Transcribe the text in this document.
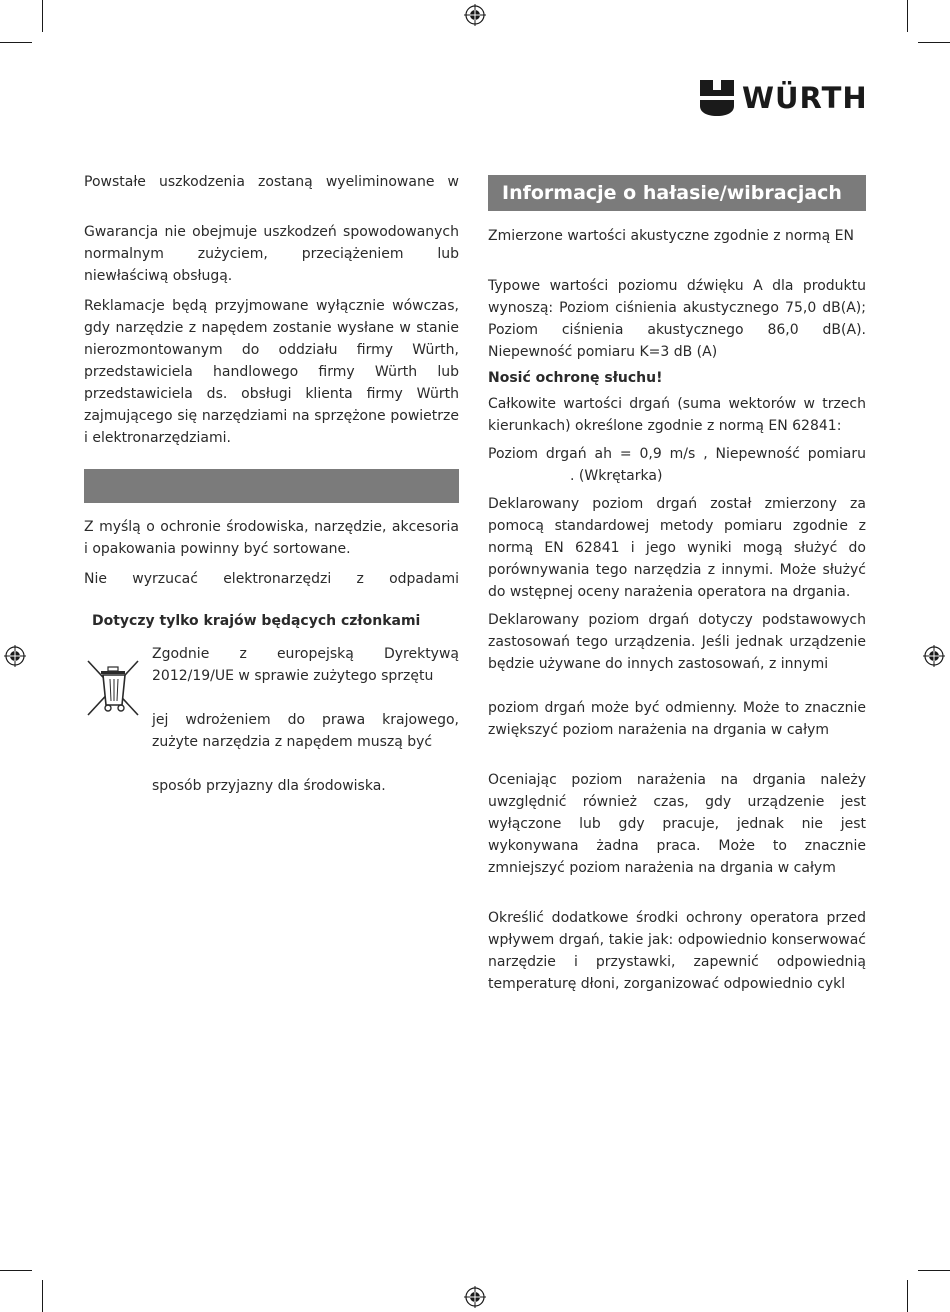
WÜRTH

Powstałe uszkodzenia zostaną wyeliminowane w

Gwarancja nie obejmuje uszkodzeń spowodowanych normalnym zużyciem, przeciążeniem lub niewłaściwą obsługą.

Reklamacje będą przyjmowane wyłącznie wówczas, gdy narzędzie z napędem zostanie wysłane w stanie nierozmontowanym do oddziału firmy Würth, przedstawiciela handlowego firmy Würth lub przedstawiciela ds. obsługi klienta firmy Würth zajmującego się narzędziami na sprzężone powietrze i elektronarzędziami.

Z myślą o ochronie środowiska, narzędzie, akcesoria i opakowania powinny być sortowane.

Nie wyrzucać elektronarzędzi z odpadami

Dotyczy tylko krajów będących członkami

Zgodnie z europejską Dyrektywą 2012/19/UE w sprawie zużytego sprzętu

jej wdrożeniem do prawa krajowego, zużyte narzędzia z napędem muszą być

sposób przyjazny dla środowiska.

Informacje o hałasie/wibracjach

Zmierzone wartości akustyczne zgodnie z normą EN

Typowe wartości poziomu dźwięku A dla produktu wynoszą: Poziom ciśnienia akustycznego 75,0 dB(A); Poziom ciśnienia akustycznego 86,0 dB(A). Niepewność pomiaru K=3 dB (A)

Nosić ochronę słuchu!

Całkowite wartości drgań (suma wektorów w trzech kierunkach) określone zgodnie z normą EN 62841:

Poziom drgań ah = 0,9 m/s , Niepewność pomiaru

. (Wkrętarka)

Deklarowany poziom drgań został zmierzony za pomocą standardowej metody pomiaru zgodnie z normą EN 62841 i jego wyniki mogą służyć do porównywania tego narzędzia z innymi. Może służyć do wstępnej oceny narażenia operatora na drgania.

Deklarowany poziom drgań dotyczy podstawowych zastosowań tego urządzenia. Jeśli jednak urządzenie będzie używane do innych zastosowań, z innymi

poziom drgań może być odmienny. Może to znacznie zwiększyć poziom narażenia na drgania w całym

Oceniając poziom narażenia na drgania należy uwzględnić również czas, gdy urządzenie jest wyłączone lub gdy pracuje, jednak nie jest wykonywana żadna praca. Może to znacznie zmniejszyć poziom narażenia na drgania w całym

Określić dodatkowe środki ochrony operatora przed wpływem drgań, takie jak: odpowiednio konserwować narzędzie i przystawki, zapewnić odpowiednią temperaturę dłoni, zorganizować odpowiednio cykl
